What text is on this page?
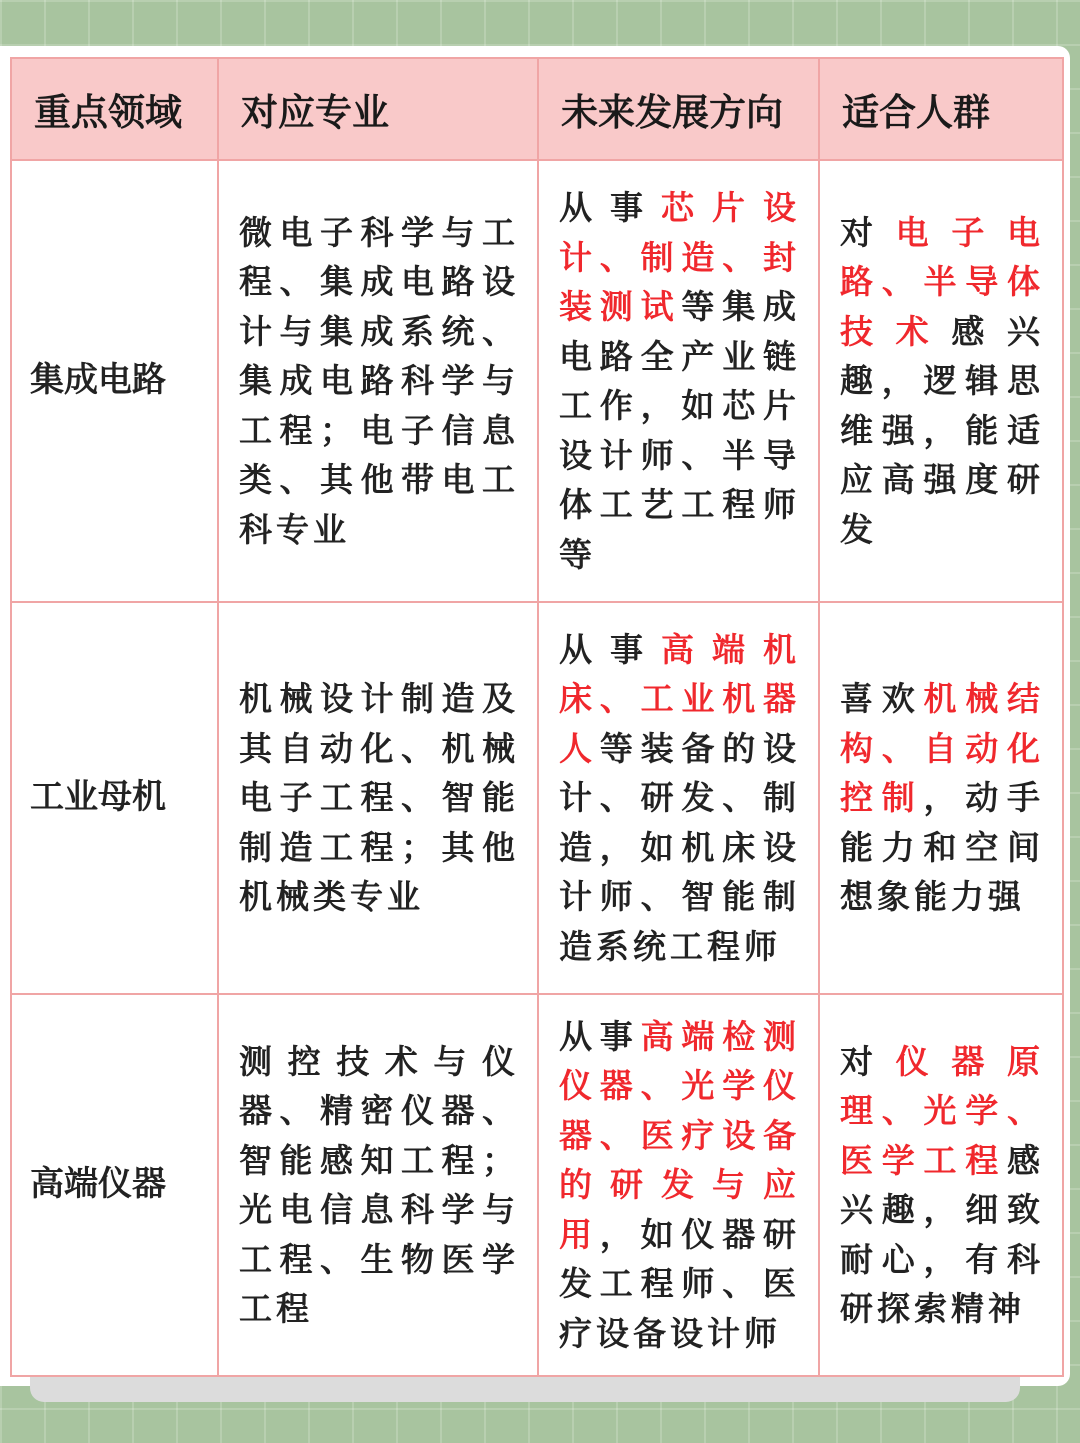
重点领域	对应专业	未来发展方向	适合人群
集成电路	微电子科学与工程、集成电路设计与集成系统、集成电路科学与工程；电子信息类、其他带电工科专业	从事芯片设计、制造、封装测试等集成电路全产业链工作，如芯片设计师、半导体工艺工程师等	对电子电路、半导体技术感兴趣，逻辑思维强，能适应高强度研发
工业母机	机械设计制造及其自动化、机械电子工程、智能制造工程；其他机械类专业	从事高端机床、工业机器人等装备的设计、研发、制造，如机床设计师、智能制造系统工程师	喜欢机械结构、自动化控制，动手能力和空间想象能力强
高端仪器	测控技术与仪器、精密仪器、智能感知工程；光电信息科学与工程、生物医学工程	从事高端检测仪器、光学仪器、医疗设备的研发与应用，如仪器研发工程师、医疗设备设计师	对仪器原理、光学、医学工程感兴趣，细致耐心，有科研探索精神
